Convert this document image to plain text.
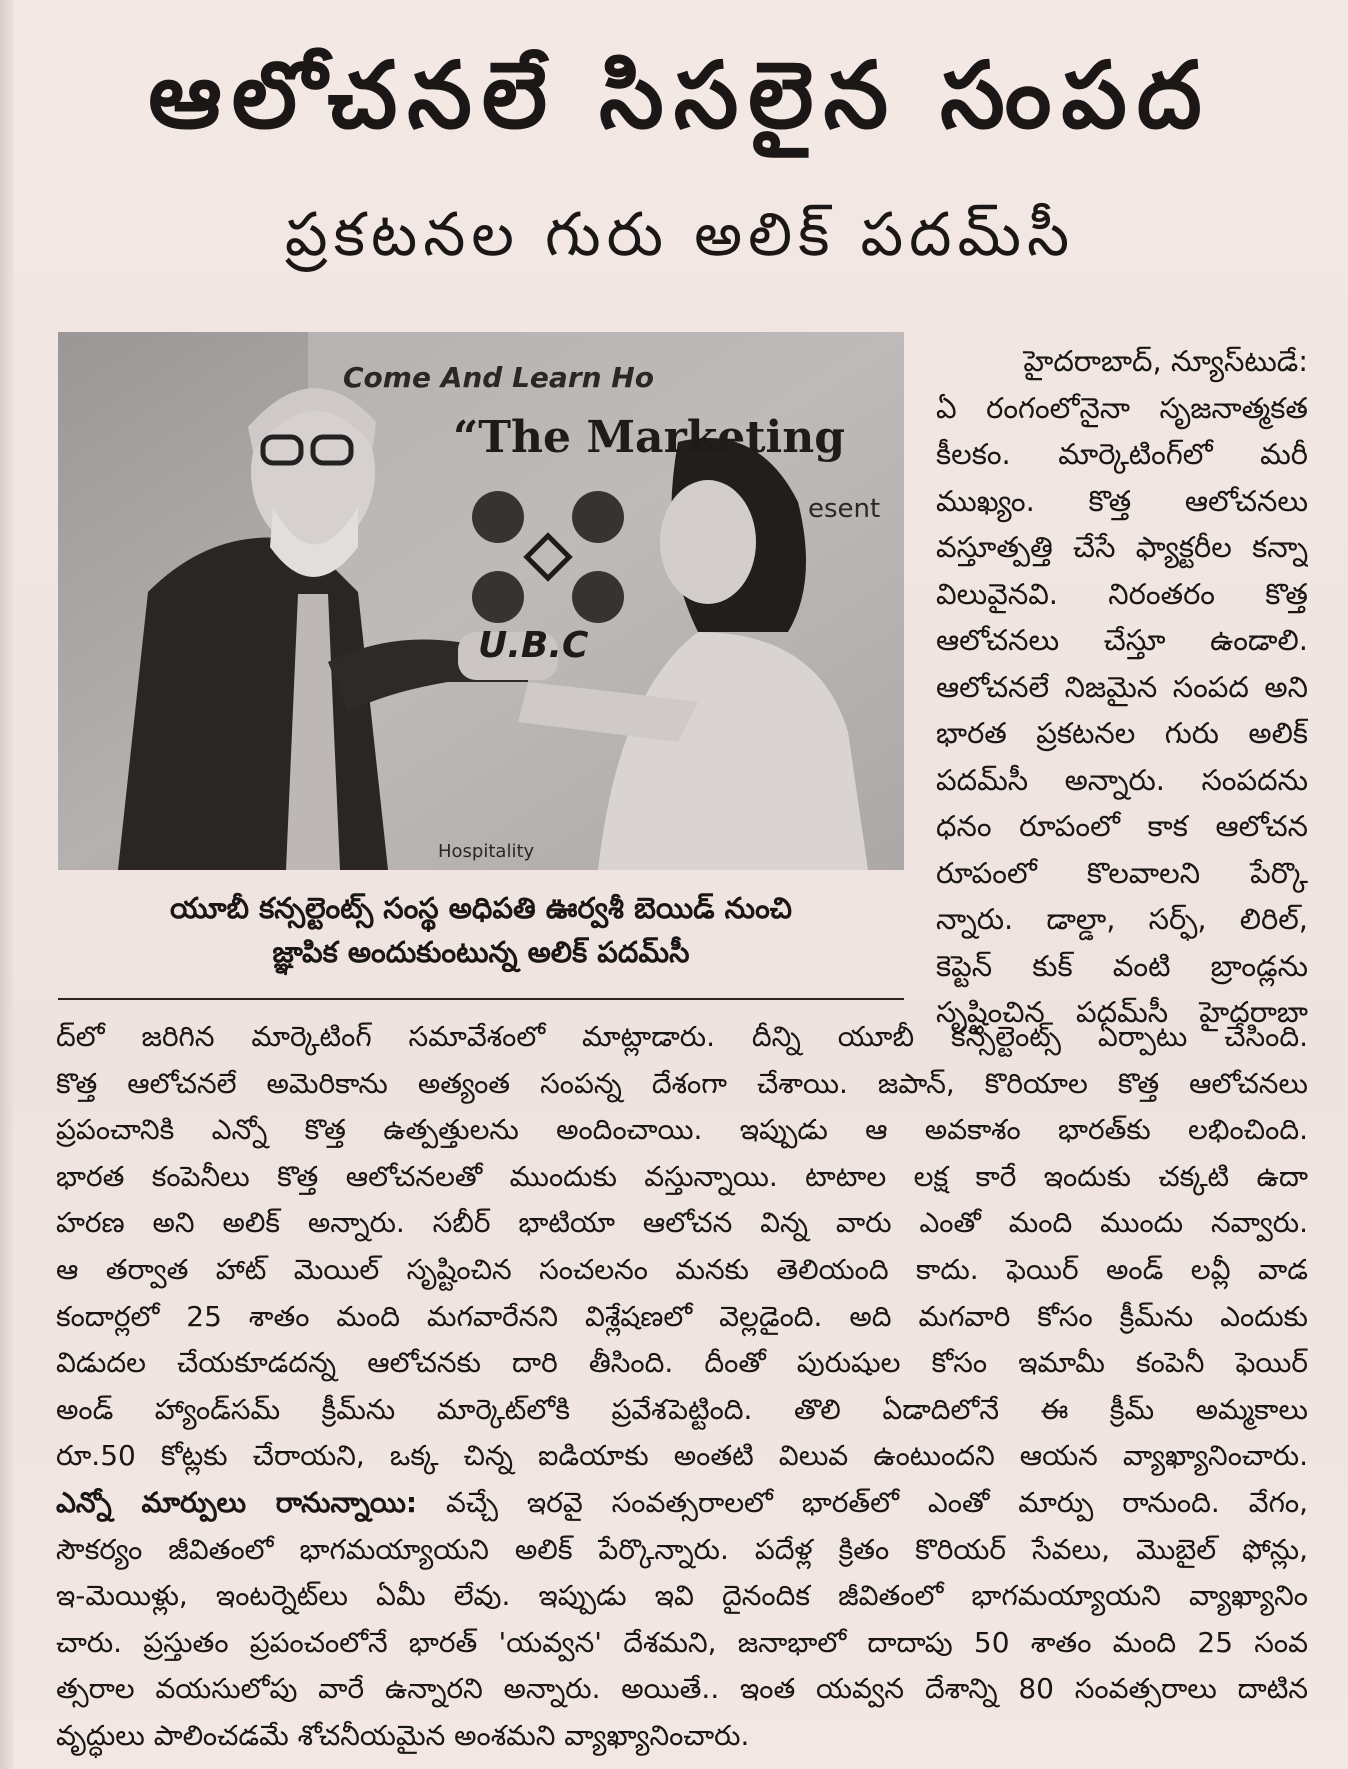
ఆలోచనలే సిసలైన సంపద
ప్రకటనల గురు అలిక్ పదమ్‌సీ
Come And Learn Ho
“The Marketing
esent
U.B.C
Hospitality
యూబీ కన్సల్టెంట్స్ సంస్థ అధిపతి ఊర్వశీ బెయిడ్ నుంచి
జ్ఞాపిక అందుకుంటున్న అలిక్ పదమ్‌సీ
హైదరాబాద్, న్యూస్‌టుడే:
ఏ రంగంలోనైనా సృజనాత్మకత
కీలకం. మార్కెటింగ్‌లో మరీ
ముఖ్యం. కొత్త ఆలోచనలు
వస్తూత్పత్తి చేసే ఫ్యాక్టరీల కన్నా
విలువైనవి. నిరంతరం కొత్త
ఆలోచనలు చేస్తూ ఉండాలి.
ఆలోచనలే నిజమైన సంపద అని
భారత ప్రకటనల గురు అలిక్
పదమ్‌సీ అన్నారు. సంపదను
ధనం రూపంలో కాక ఆలోచన
రూపంలో కొలవాలని పేర్కొ
న్నారు. డాల్డా, సర్ఫ్, లిరిల్,
కెప్టెన్ కుక్ వంటి బ్రాండ్లను
సృష్టించిన పదమ్‌సీ హైదరాబా
ద్‌లో జరిగిన మార్కెటింగ్ సమావేశంలో మాట్లాడారు. దీన్ని యూబీ కన్సల్టెంట్స్ ఏర్పాటు చేసింది.
కొత్త ఆలోచనలే అమెరికాను అత్యంత సంపన్న దేశంగా చేశాయి. జపాన్, కొరియాల కొత్త ఆలోచనలు
ప్రపంచానికి ఎన్నో కొత్త ఉత్పత్తులను అందించాయి. ఇప్పుడు ఆ అవకాశం భారత్‌కు లభించింది.
భారత కంపెనీలు కొత్త ఆలోచనలతో ముందుకు వస్తున్నాయి. టాటాల లక్ష కారే ఇందుకు చక్కటి ఉదా
హరణ అని అలిక్ అన్నారు. సబీర్ భాటియా ఆలోచన విన్న వారు ఎంతో మంది ముందు నవ్వారు.
ఆ తర్వాత హాట్ మెయిల్ సృష్టించిన సంచలనం మనకు తెలియంది కాదు. ఫెయిర్ అండ్ లవ్లీ వాడ
కందార్లలో 25 శాతం మంది మగవారేనని విశ్లేషణలో వెల్లడైంది. అది మగవారి కోసం క్రీమ్‌ను ఎందుకు
విడుదల చేయకూడదన్న ఆలోచనకు దారి తీసింది. దీంతో పురుషుల కోసం ఇమామీ కంపెనీ ఫెయిర్
అండ్ హ్యాండ్‌సమ్ క్రీమ్‌ను మార్కెట్‌లోకి ప్రవేశపెట్టింది. తొలి ఏడాదిలోనే ఈ క్రీమ్ అమ్మకాలు
రూ.50 కోట్లకు చేరాయని, ఒక్క చిన్న ఐడియాకు అంతటి విలువ ఉంటుందని ఆయన వ్యాఖ్యానించారు.
ఎన్నో మార్పులు రానున్నాయి: వచ్చే ఇరవై సంవత్సరాలలో భారత్‌లో ఎంతో మార్పు రానుంది. వేగం,
సౌకర్యం జీవితంలో భాగమయ్యాయని అలిక్ పేర్కొన్నారు. పదేళ్ల క్రితం కొరియర్ సేవలు, మొబైల్ ఫోన్లు,
ఇ-మెయిళ్లు, ఇంటర్నెట్‌లు ఏమీ లేవు. ఇప్పుడు ఇవి దైనందిక జీవితంలో భాగమయ్యాయని వ్యాఖ్యానిం
చారు. ప్రస్తుతం ప్రపంచంలోనే భారత్ 'యవ్వన' దేశమని, జనాభాలో దాదాపు 50 శాతం మంది 25 సంవ
త్సరాల వయసులోపు వారే ఉన్నారని అన్నారు. అయితే.. ఇంత యవ్వన దేశాన్ని 80 సంవత్సరాలు దాటిన
వృద్ధులు పాలించడమే శోచనీయమైన అంశమని వ్యాఖ్యానించారు.
